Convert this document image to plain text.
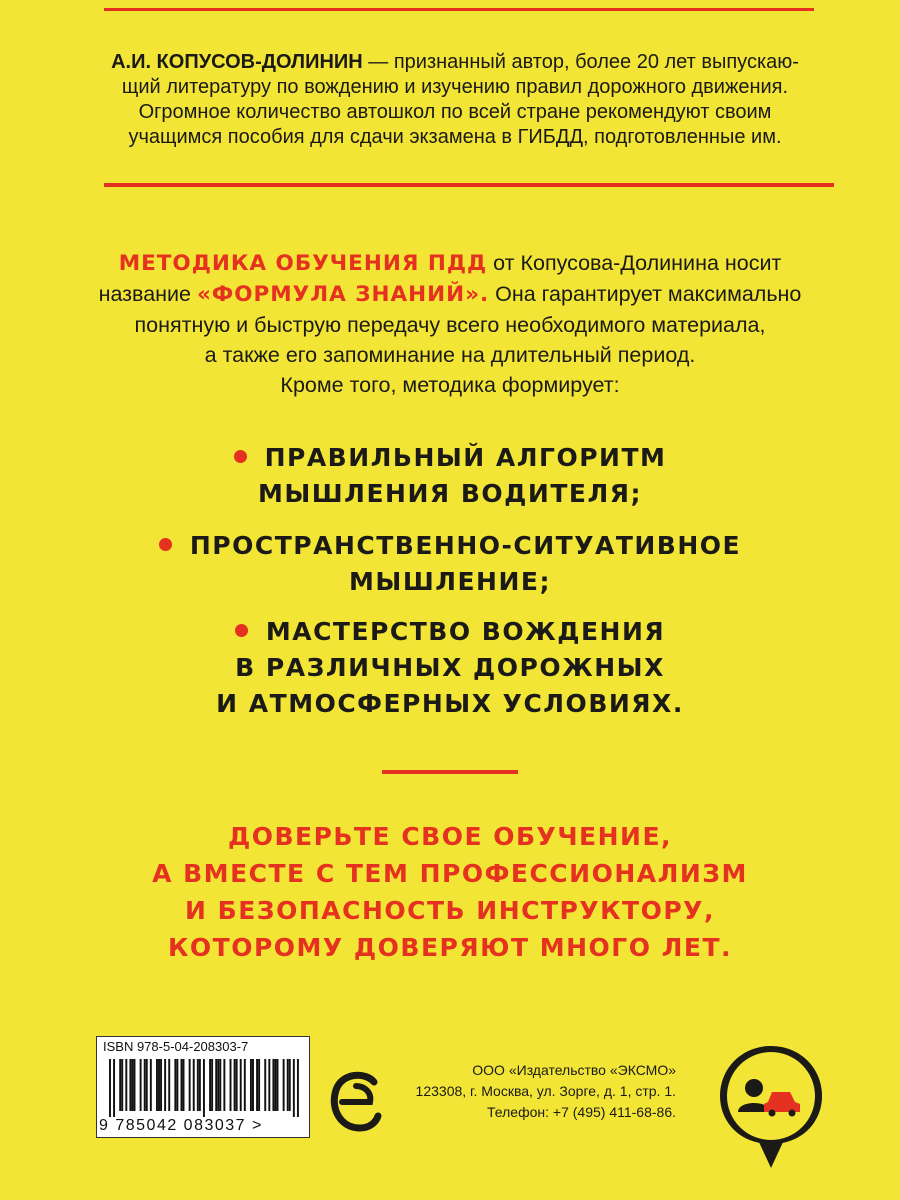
А.И. КОПУСОВ-ДОЛИНИН — признанный автор, более 20 лет выпускаю-
щий литературу по вождению и изучению правил дорожного движения.
Огромное количество автошкол по всей стране рекомендуют своим
учащимся пособия для сдачи экзамена в ГИБДД, подготовленные им.
МЕТОДИКА ОБУЧЕНИЯ ПДД от Копусова-Долинина носит
название «ФОРМУЛА ЗНАНИЙ». Она гарантирует максимально
понятную и быструю передачу всего необходимого материала,
а также его запоминание на длительный период.
Кроме того, методика формирует:
ПРАВИЛЬНЫЙ АЛГОРИТМ
МЫШЛЕНИЯ ВОДИТЕЛЯ;
ПРОСТРАНСТВЕННО-СИТУАТИВНОЕ
МЫШЛЕНИЕ;
МАСТЕРСТВО ВОЖДЕНИЯ
В РАЗЛИЧНЫХ ДОРОЖНЫХ
И АТМОСФЕРНЫХ УСЛОВИЯХ.
ДОВЕРЬТЕ СВОЕ ОБУЧЕНИЕ,
А ВМЕСТЕ С ТЕМ ПРОФЕССИОНАЛИЗМ
И БЕЗОПАСНОСТЬ ИНСТРУКТОРУ,
КОТОРОМУ ДОВЕРЯЮТ МНОГО ЛЕТ.
ISBN 978-5-04-208303-7
9 785042 083037 >
ООО «Издательство «ЭКСМО»
123308, г. Москва, ул. Зорге, д. 1, стр. 1.
Телефон: +7 (495) 411-68-86.
